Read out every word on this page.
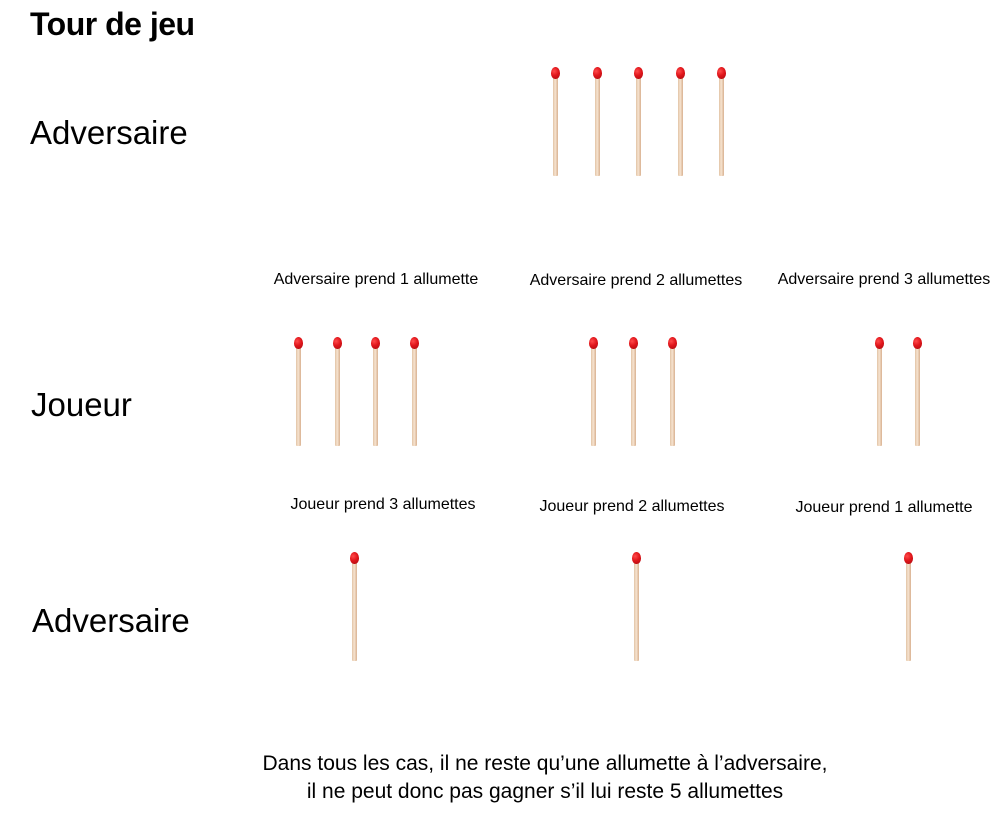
Tour de jeu
Adversaire
Joueur
Adversaire
Adversaire prend 1 allumette	Adversaire prend 2 allumettes Adversaire prend 3 allumettes
Joueur prend 3 allumettes	Joueur prend 2 allumettes	Joueur prend 1 allumette
Dans tous les cas, il ne reste qu’une allumette à l’adversaire,
il ne peut donc pas gagner s’il lui reste 5 allumettes
